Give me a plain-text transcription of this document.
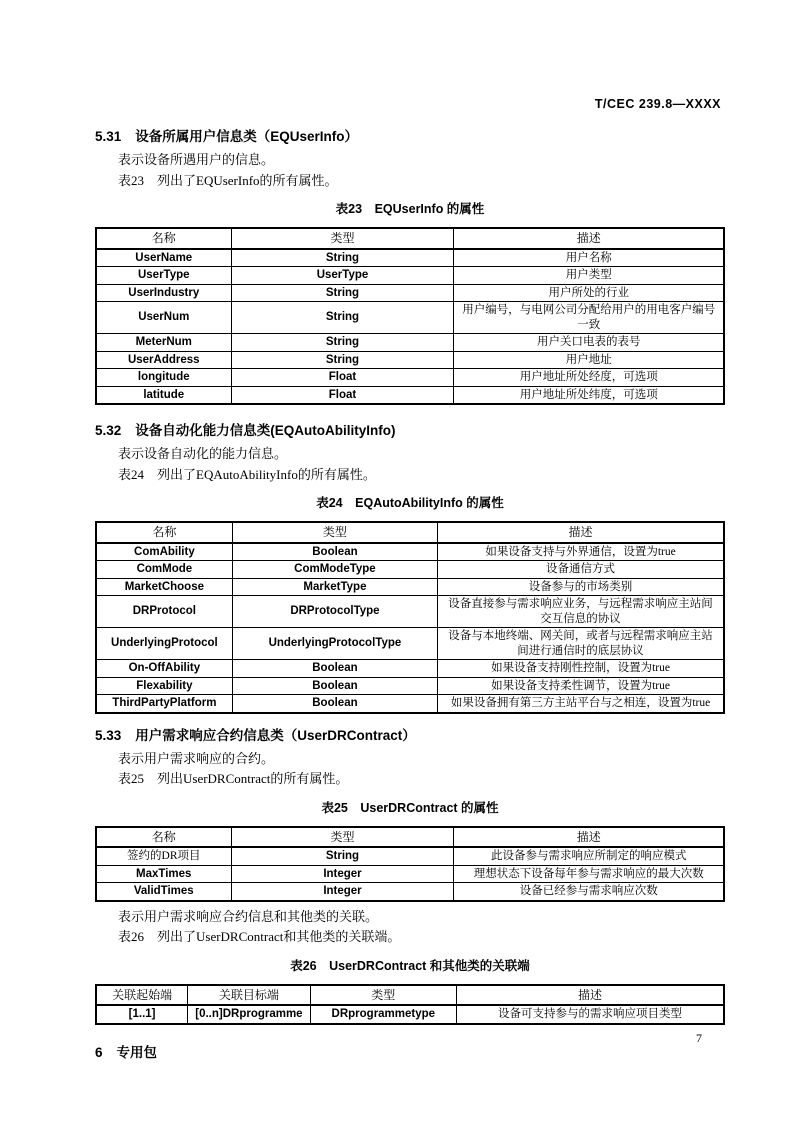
T/CEC 239.8—XXXX
5.31 设备所属用户信息类（EQUserInfo）

表示设备所遇用户的信息。

表23　列出了EQUserInfo的所有属性。

表23　EQUserInfo 的属性
名称	类型	描述
UserName	String	用户名称
UserType	UserType	用户类型
UserIndustry	String	用户所处的行业
UserNum	String	用户编号，与电网公司分配给用户的用电客户编号一致
MeterNum	String	用户关口电表的表号
UserAddress	String	用户地址
longitude	Float	用户地址所处经度，可选项
latitude	Float	用户地址所处纬度，可选项
5.32 设备自动化能力信息类(EQAutoAbilityInfo)

表示设备自动化的能力信息。

表24　列出了EQAutoAbilityInfo的所有属性。

表24　EQAutoAbilityInfo 的属性
名称	类型	描述
ComAbility	Boolean	如果设备支持与外界通信，设置为true
ComMode	ComModeType	设备通信方式
MarketChoose	MarketType	设备参与的市场类别
DRProtocol	DRProtocolType	设备直接参与需求响应业务，与远程需求响应主站间交互信息的协议
UnderlyingProtocol	UnderlyingProtocolType	设备与本地终端、网关间，或者与远程需求响应主站间进行通信时的底层协议
On-OffAbility	Boolean	如果设备支持刚性控制，设置为true
Flexability	Boolean	如果设备支持柔性调节，设置为true
ThirdPartyPlatform	Boolean	如果设备拥有第三方主站平台与之相连，设置为true
5.33 用户需求响应合约信息类（UserDRContract）

表示用户需求响应的合约。

表25　列出UserDRContract的所有属性。

表25　UserDRContract 的属性
名称	类型	描述
签约的DR项目	String	此设备参与需求响应所制定的响应模式
MaxTimes	Integer	理想状态下设备每年参与需求响应的最大次数
ValidTimes	Integer	设备已经参与需求响应次数

表示用户需求响应合约信息和其他类的关联。

表26　列出了UserDRContract和其他类的关联端。

表26　UserDRContract 和其他类的关联端
关联起始端	关联目标端	类型	描述
[1..1]	[0..n]DRprogramme	DRprogrammetype	设备可支持参与的需求响应项目类型
6 专用包
7
